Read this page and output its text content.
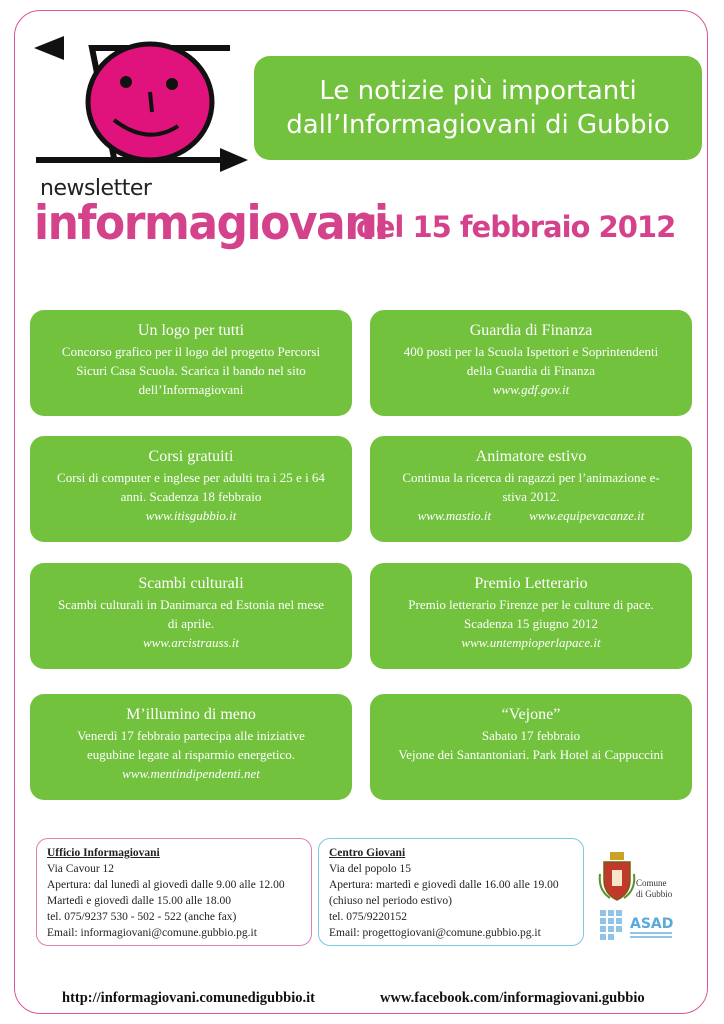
Le notizie più importanti
dall’Informagiovani di Gubbio
newsletter
informagiovani
del 15 febbraio 2012
Un logo per tutti
Concorso grafico per il logo del progetto Percorsi
Sicuri Casa Scuola. Scarica il bando nel sito
dell’Informagiovani
Guardia di Finanza
400 posti per la Scuola Ispettori e Soprintendenti
della Guardia di Finanza
www.gdf.gov.it
Corsi gratuiti
Corsi di computer e inglese per adulti tra i 25 e i 64
anni. Scadenza 18 febbraio
www.itisgubbio.it
Animatore estivo
Continua la ricerca di ragazzi per l’animazione e-
stiva 2012.
www.mastio.it	www.equipevacanze.it
Scambi culturali
Scambi culturali in Danimarca ed Estonia nel mese
di aprile.
www.arcistrauss.it
Premio Letterario
Premio letterario Firenze per le culture di pace.
Scadenza 15 giugno 2012
www.untempioperlapace.it
M’illumino di meno
Venerdì 17 febbraio partecipa alle iniziative
eugubine legate al risparmio energetico.
www.mentindipendenti.net
“Vejone”
Sabato 17 febbraio
Vejone dei Santantoniari. Park Hotel ai Cappuccini
Ufficio Informagiovani
Via Cavour 12
Apertura: dal lunedì al giovedì dalle 9.00 alle 12.00
Martedì e giovedì dalle 15.00 alle 18.00
tel. 075/9237 530 - 502 - 522 (anche fax)
Email: informagiovani@comune.gubbio.pg.it
Centro Giovani
Via del popolo 15
Apertura: martedì e giovedì dalle 16.00 alle 19.00
(chiuso nel periodo estivo)
tel. 075/9220152
Email: progettogiovani@comune.gubbio.pg.it
Comune
di Gubbio
ASAD
http://informagiovani.comunedigubbio.it	www.facebook.com/informagiovani.gubbio
